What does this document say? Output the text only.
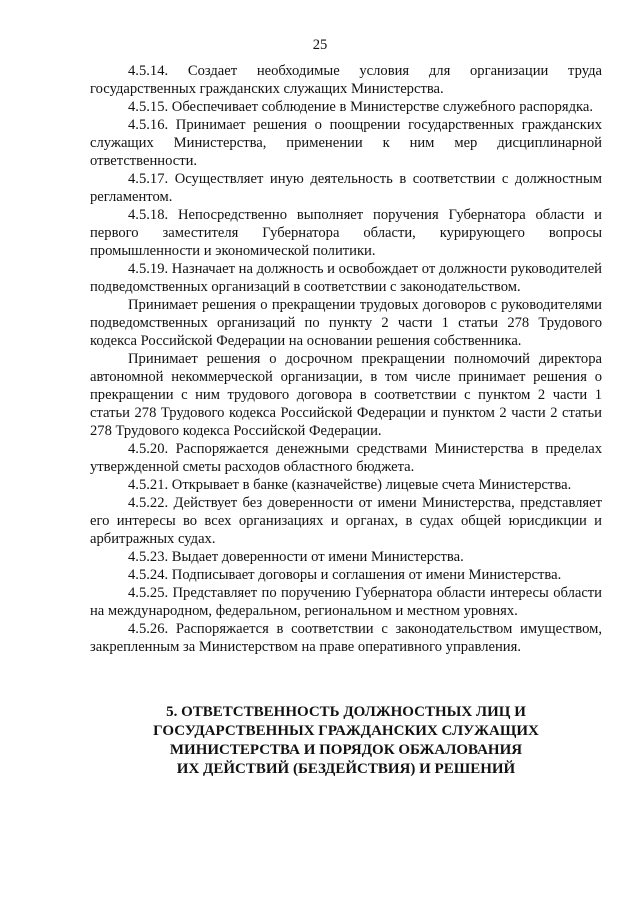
25

4.5.14. Создает необходимые условия для организации труда государственных гражданских служащих Министерства.

4.5.15. Обеспечивает соблюдение в Министерстве служебного распорядка.

4.5.16. Принимает решения о поощрении государственных гражданских служащих Министерства, применении к ним мер дисциплинарной ответственности.

4.5.17. Осуществляет иную деятельность в соответствии с должностным регламентом.

4.5.18. Непосредственно выполняет поручения Губернатора области и первого заместителя Губернатора области, курирующего вопросы промышленности и экономической политики.

4.5.19. Назначает на должность и освобождает от должности руководителей подведомственных организаций в соответствии с законодательством.

Принимает решения о прекращении трудовых договоров с руководителями подведомственных организаций по пункту 2 части 1 статьи 278 Трудового кодекса Российской Федерации на основании решения собственника.

Принимает решения о досрочном прекращении полномочий директора автономной некоммерческой организации, в том числе принимает решения о прекращении с ним трудового договора в соответствии с пунктом 2 части 1 статьи 278 Трудового кодекса Российской Федерации и пунктом 2 части 2 статьи 278 Трудового кодекса Российской Федерации.

4.5.20. Распоряжается денежными средствами Министерства в пределах утвержденной сметы расходов областного бюджета.

4.5.21. Открывает в банке (казначействе) лицевые счета Министерства.

4.5.22. Действует без доверенности от имени Министерства, представляет его интересы во всех организациях и органах, в судах общей юрисдикции и арбитражных судах.

4.5.23. Выдает доверенности от имени Министерства.

4.5.24. Подписывает договоры и соглашения от имени Министерства.

4.5.25. Представляет по поручению Губернатора области интересы области на международном, федеральном, региональном и местном уровнях.

4.5.26. Распоряжается в соответствии с законодательством имуществом, закрепленным за Министерством на праве оперативного управления.

5. ОТВЕТСТВЕННОСТЬ ДОЛЖНОСТНЫХ ЛИЦ И
ГОСУДАРСТВЕННЫХ ГРАЖДАНСКИХ СЛУЖАЩИХ
МИНИСТЕРСТВА И ПОРЯДОК ОБЖАЛОВАНИЯ
ИХ ДЕЙСТВИЙ (БЕЗДЕЙСТВИЯ) И РЕШЕНИЙ
